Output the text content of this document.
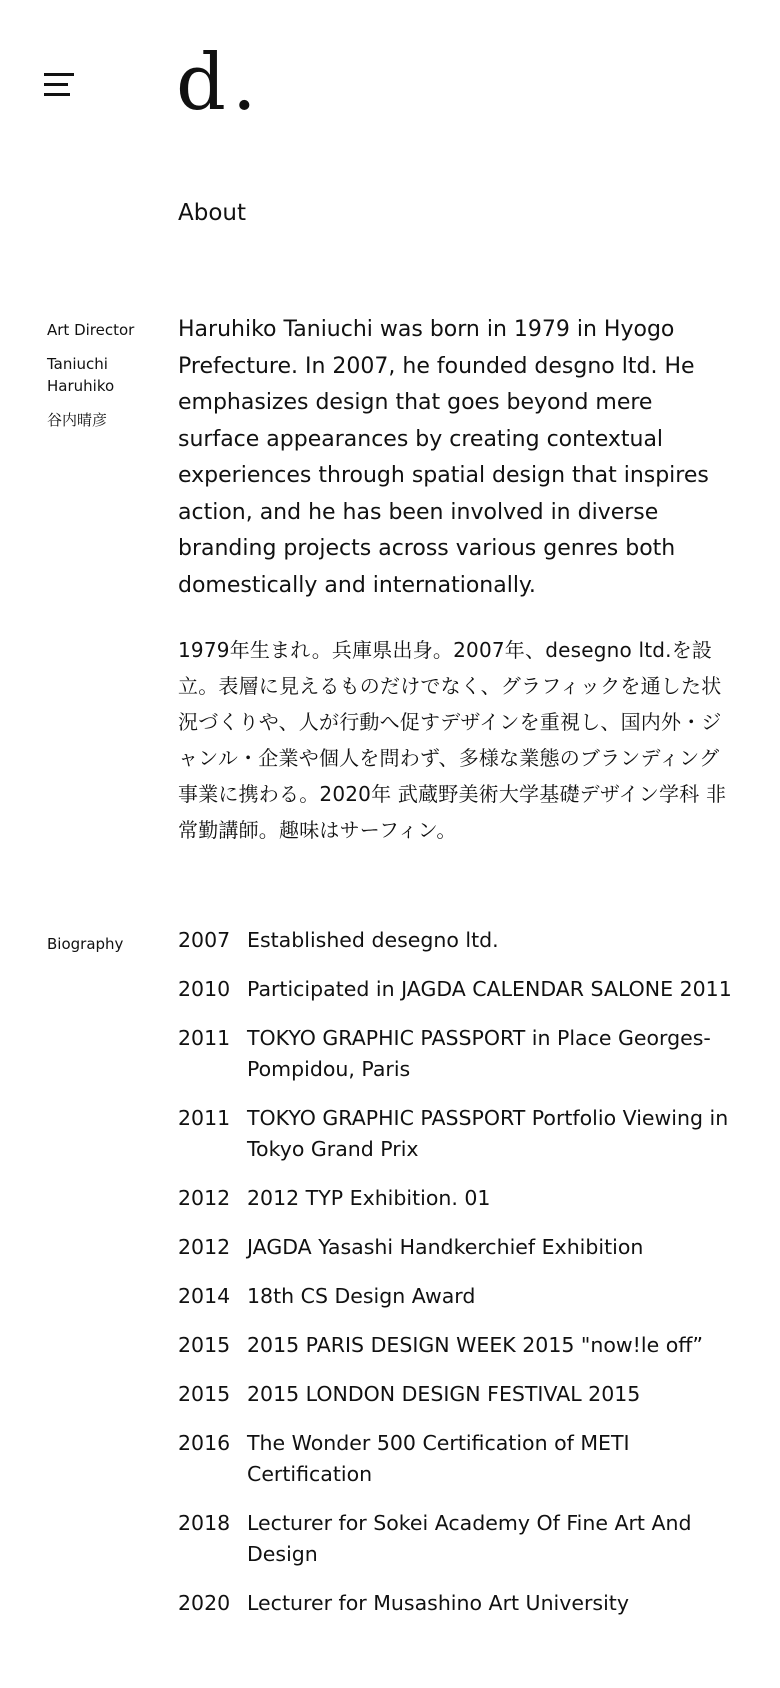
d.
About
Art Director
Taniuchi Haruhiko
谷内晴彦

Haruhiko Taniuchi was born in 1979 in Hyogo Prefecture. In 2007, he founded desgno ltd. He emphasizes design that goes beyond mere surface appearances by creating contextual experiences through spatial design that inspires action, and he has been involved in diverse branding projects across various genres both domestically and internationally.

1979年生まれ。兵庫県出身。2007年、desegno ltd.を設立。表層に見えるものだけでなく、グラフィックを通した状況づくりや、人が行動へ促すデザインを重視し、国内外・ジャンル・企業や個人を問わず、多様な業態のブランディング事業に携わる。2020年 武蔵野美術大学基礎デザイン学科 非常勤講師。趣味はサーフィン。

Biography	2007 Established desegno ltd.
2010 Participated in JAGDA CALENDAR SALONE 2011
2011 TOKYO GRAPHIC PASSPORT in Place Georges-Pompidou, Paris
2011 TOKYO GRAPHIC PASSPORT Portfolio Viewing in Tokyo Grand Prix
2012 2012 TYP Exhibition. 01
2012 JAGDA Yasashi Handkerchief Exhibition
2014 18th CS Design Award
2015 2015 PARIS DESIGN WEEK 2015 "now!le off”
2015 2015 LONDON DESIGN FESTIVAL 2015
2016 The Wonder 500 Certification of METI Certification
2018 Lecturer for Sokei Academy Of Fine Art And Design
2020 Lecturer for Musashino Art University
